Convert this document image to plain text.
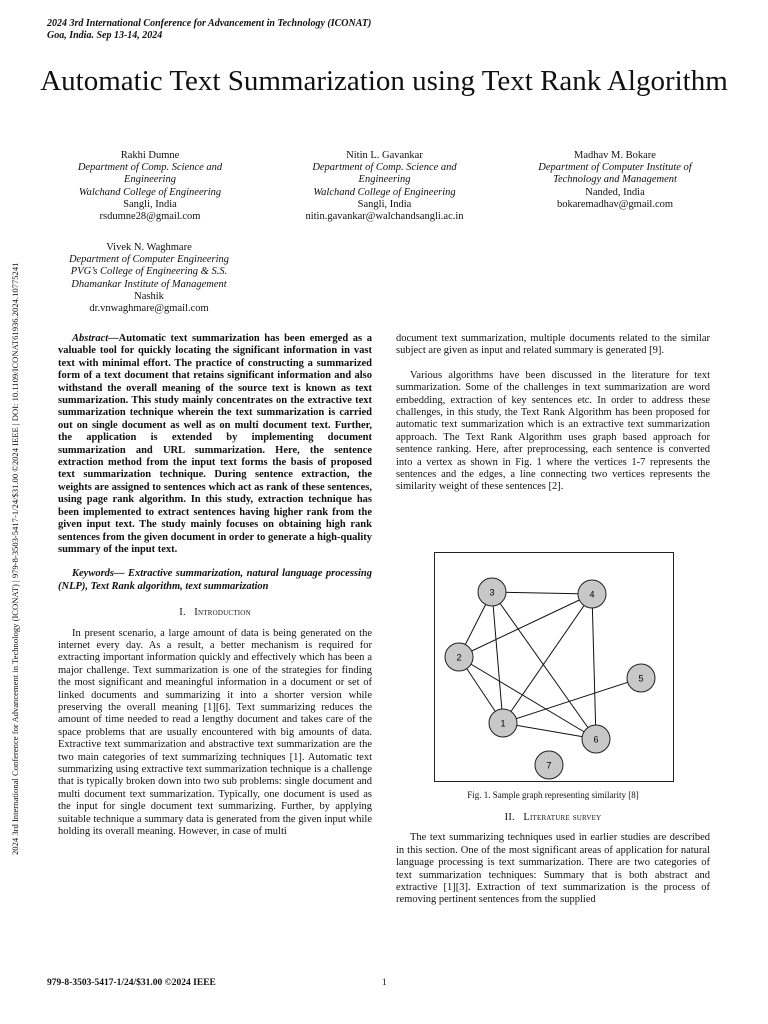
2024 3rd International Conference for Advancement in Technology (ICONAT)
Goa, India. Sep 13-14, 2024
Automatic Text Summarization using Text Rank Algorithm
Rakhi Dumne
Department of Comp. Science and Engineering
Walchand College of Engineering
Sangli, India
rsdumne28@gmail.com
Nitin L. Gavankar
Department of Comp. Science and Engineering
Walchand College of Engineering
Sangli, India
nitin.gavankar@walchandsangli.ac.in
Madhav M. Bokare
Department of Computer Institute of Technology and Management
Nanded, India
bokaremadhav@gmail.com
Vivek N. Waghmare
Department of Computer Engineering
PVG’s College of Engineering & S.S. Dhamankar Institute of Management
Nashik
dr.vnwaghmare@gmail.com
2024 3rd International Conference for Advancement in Technology (ICONAT) | 979-8-3503-5417-1/24/$31.00 ©2024 IEEE | DOI: 10.1109/ICONAT61936.2024.10775241	Abstract—Automatic text summarization has been emerged as a valuable tool for quickly locating the significant information in vast text with minimal effort. The practice of constructing a summarized form of a text document that retains significant information and also withstand the overall meaning of the source text is known as text summarization. This study mainly concentrates on the extractive text summarization technique wherein the text summarization is carried out on single document as well as on multi document text. Further, the application is extended by implementing document summarization and URL summarization. Here, the sentence extraction method from the input text forms the basis of proposed text summarization technique. During sentence extraction, the weights are assigned to sentences which act as rank of these sentences, using page rank algorithm. In this study, extraction technique has been implemented to extract sentences having higher rank from the given input text. The study mainly focuses on obtaining high rank sentences from the given document in order to generate a high-quality summary of the input text.

Keywords— Extractive summarization, natural language processing (NLP), Text Rank algorithm, text summarization

I. Introduction

In present scenario, a large amount of data is being generated on the internet every day. As a result, a better mechanism is required for extracting important information quickly and effectively which has been a major challenge. Text summarization is one of the strategies for finding the most significant and meaningful information in a document or set of linked documents and summarizing it into a shorter version while preserving the overall meaning [1][6]. Text summarizing reduces the amount of time needed to read a lengthy document and takes care of the space problems that are usually encountered with big amounts of data. Extractive text summarization and abstractive text summarization are the two main categories of text summarizing techniques [1]. Automatic text summarizing using extractive text summarization technique is a challenge that is typically broken down into two sub problems: single document and multi document text summarization. Typically, one document is used as the input for single document text summarizing. Further, by applying suitable technique a summary data is generated from the given input while holding its overall meaning. However, in case of multi

document text summarization, multiple documents related to the similar subject are given as input and related summary is generated [9].

Various algorithms have been discussed in the literature for text summarization. Some of the challenges in text summarization are word embedding, extraction of key sentences etc. In order to address these challenges, in this study, the Text Rank Algorithm has been proposed for automatic text summarization which is an extractive text summarization approach. The Text Rank Algorithm uses graph based approach for sentence ranking. Here, after preprocessing, each sentence is converted into a vertex as shown in Fig. 1 where the vertices 1-7 represents the sentences and the edges, a line connecting two vertices represents the similarity weight of these sentences [2].

1
2
3	4
5
6
7
Fig. 1. Sample graph representing similarity [8]
II. Literature survey

The text summarizing techniques used in earlier studies are described in this section. One of the most significant areas of application for natural language processing is text summarization. There are two categories of text summarization techniques: Summary that is both abstract and extractive [1][3]. Extraction of text summarization is the process of removing pertinent sentences from the supplied

979-8-3503-5417-1/24/$31.00 ©2024 IEEE	1
